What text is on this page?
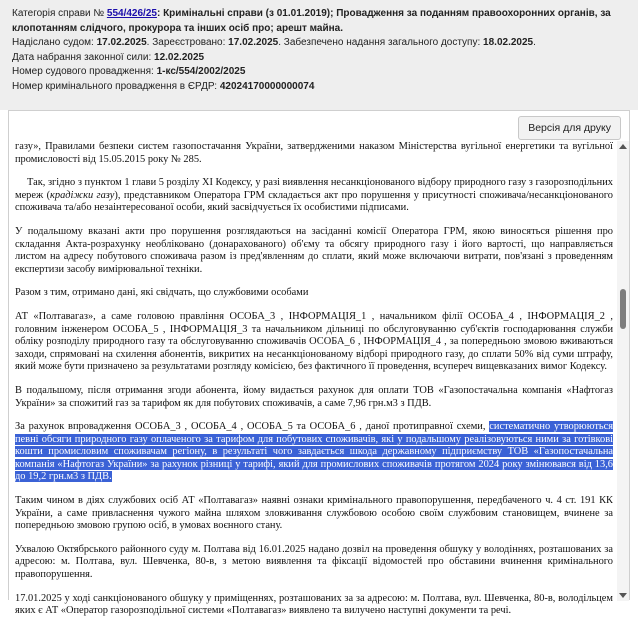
Категорія справи № 554/426/25: Кримінальні справи (з 01.01.2019); Провадження за поданням правоохоронних органів, за клопотанням слідчого, прокурора та інших осіб про; арешт майна.
Надіслано судом: 17.02.2025. Зареєстровано: 17.02.2025. Забезпечено надання загального доступу: 18.02.2025.
Дата набрання законної сили: 12.02.2025
Номер судового провадження: 1-кс/554/2002/2025
Номер кримінального провадження в ЄРДР: 42024170000000074
Версія для друку

газу», Правилами безпеки систем газопостачання України, затвердженими наказом Міністерства вугільної енергетики та вугільної промисловості від 15.05.2015 року № 285.

Так, згідно з пунктом 1 глави 5 розділу XI Кодексу, у разі виявлення несанкціонованого відбору природного газу з газорозподільних мереж (крадіжки газу), представником Оператора ГРМ складається акт про порушення у присутності споживача/несанкціонованого споживача та/або незаінтересованої особи, який засвідчується їх особистими підписами.

У подальшому вказані акти про порушення розглядаються на засіданні комісії Оператора ГРМ, якою виносяться рішення про складання Акта-розрахунку необліковано (донарахованого) об'єму та обсягу природного газу і його вартості, що направляється листом на адресу побутового споживача разом із пред'явленням до сплати, який може включаючи витрати, пов'язані з проведенням експертизи засобу вимірювальної техніки.

Разом з тим, отримано дані, які свідчать, що службовими особами

АТ «Полтавагаз», а саме головою правління ОСОБА_3 , ІНФОРМАЦІЯ_1 , начальником філії ОСОБА_4 , ІНФОРМАЦІЯ_2 , головним інженером ОСОБА_5 , ІНФОРМАЦІЯ_3 та начальником дільниці по обслуговуванню суб'єктів господарювання служби обліку розподілу природного газу та обслуговуванню споживачів ОСОБА_6 , ІНФОРМАЦІЯ_4 , за попередньою змовою вживаються заходи, спрямовані на схилення абонентів, викритих на несанкціонованому відборі природного газу, до сплати 50% від суми штрафу, який може бути призначено за результатами розгляду комісією, без фактичного її проведення, всупереч вищевказаних вимог Кодексу.

В подальшому, після отримання згоди абонента, йому видається рахунок для оплати ТОВ «Газопостачальна компанія «Нафтогаз України» за спожитий газ за тарифом як для побутових споживачів, а саме 7,96 грн.м3 з ПДВ.

За рахунок впровадження ОСОБА_3 , ОСОБА_4 , ОСОБА_5 та ОСОБА_6 , даної протиправної схеми, систематично утворюються певні обсяги природного газу оплаченого за тарифом для побутових споживачів, які у подальшому реалізовуються ними за готівкові кошти промисловим споживачам регіону, в результаті чого завдається шкода державному підприємству ТОВ «Газопостачальна компанія «Нафтогаз України» за рахунок різниці у тарифі, який для промислових споживачів протягом 2024 року змінювався від 13,6 до 19,2 грн.м3 з ПДВ.

Таким чином в діях службових осіб АТ «Полтавагаз» наявні ознаки кримінального правопорушення, передбаченого ч. 4 ст. 191 КК України, а саме привласнення чужого майна шляхом зловживання службовою особою своїм службовим становищем, вчинене за попередньою змовою групою осіб, в умовах воєнного стану.

Ухвалою Октябрського районного суду м. Полтава від 16.01.2025 надано дозвіл на проведення обшуку у володіннях, розташованих за адресою: м. Полтава, вул. Шевченка, 80-в, з метою виявлення та фіксації відомостей про обставини вчинення кримінального правопорушення.

17.01.2025 у ході санкціонованого обшуку у приміщеннях, розташованих за за адресою: м. Полтава, вул. Шевченка, 80-в, володільцем яких є АТ «Оператор газорозподільної системи «Полтавагаз» виявлено та вилучено наступні документи та речі.
